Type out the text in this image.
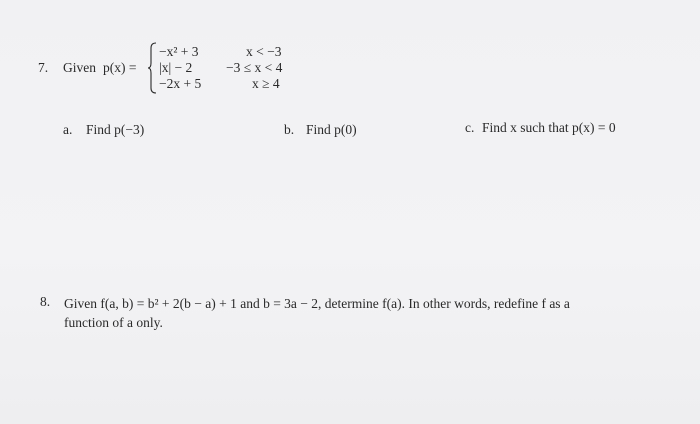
7. Given p(x) =
−x² + 3	x < −3
|x| − 2 −3 ≤ x < 4
−2x + 5	x ≥ 4
a. Find p(−3)	b. Find p(0)	c. Find x such that p(x) = 0
8. Given f(a, b) = b² + 2(b − a) + 1 and b = 3a − 2, determine f(a). In other words, redefine f as a
function of a only.
